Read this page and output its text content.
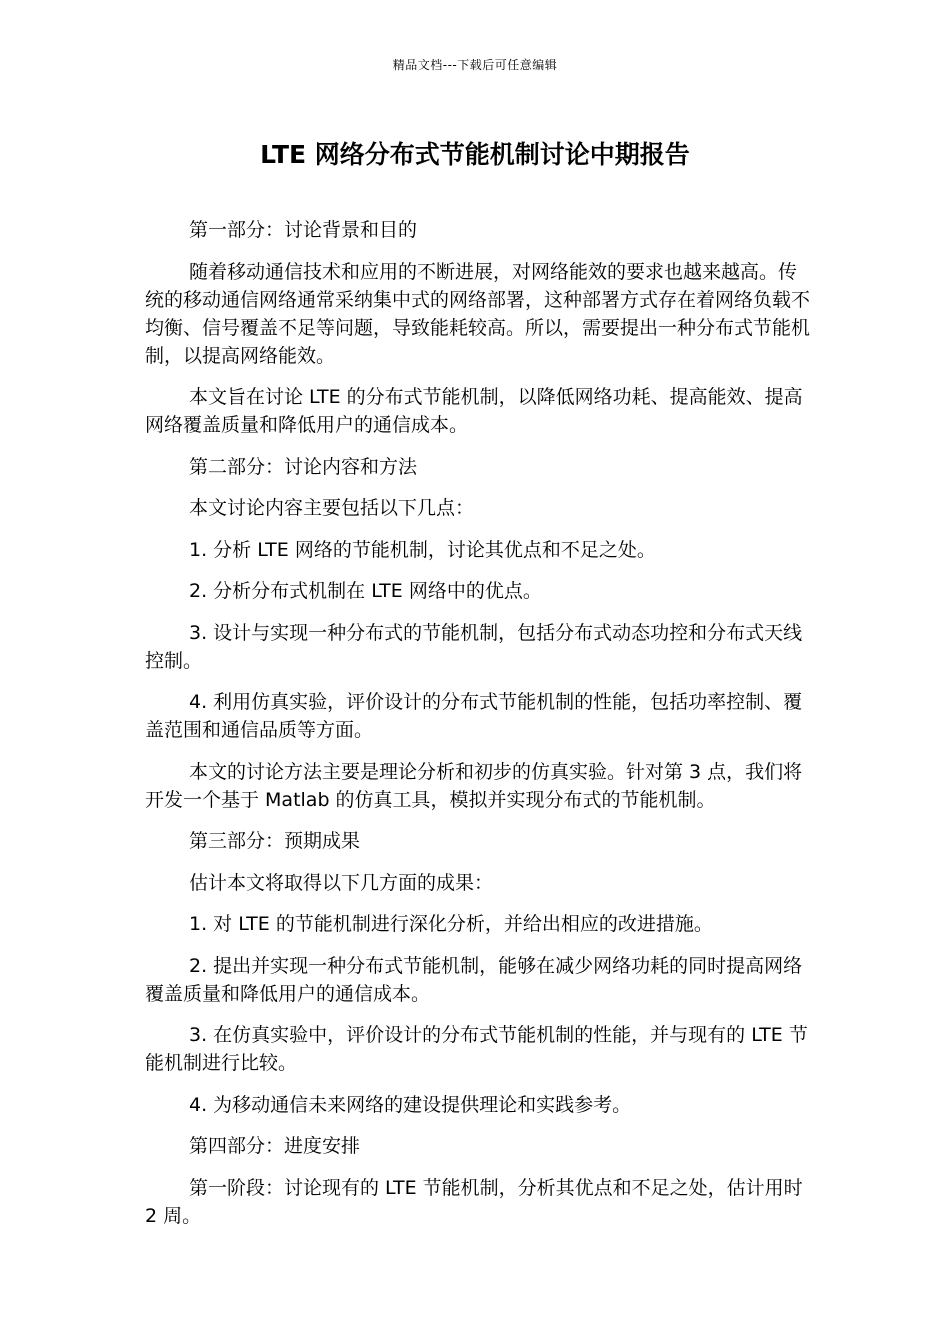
精品文档---下载后可任意编辑
LTE 网络分布式节能机制讨论中期报告

第一部分：讨论背景和目的

随着移动通信技术和应用的不断进展，对网络能效的要求也越来越高。传统的移动通信网络通常采纳集中式的网络部署，这种部署方式存在着网络负载不均衡、信号覆盖不足等问题，导致能耗较高。所以，需要提出一种分布式节能机制，以提高网络能效。

本文旨在讨论 LTE 的分布式节能机制，以降低网络功耗、提高能效、提高网络覆盖质量和降低用户的通信成本。

第二部分：讨论内容和方法

本文讨论内容主要包括以下几点：

1. 分析 LTE 网络的节能机制，讨论其优点和不足之处。

2. 分析分布式机制在 LTE 网络中的优点。

3. 设计与实现一种分布式的节能机制，包括分布式动态功控和分布式天线控制。

4. 利用仿真实验，评价设计的分布式节能机制的性能，包括功率控制、覆盖范围和通信品质等方面。

本文的讨论方法主要是理论分析和初步的仿真实验。针对第 3 点，我们将开发一个基于 Matlab 的仿真工具，模拟并实现分布式的节能机制。

第三部分：预期成果

估计本文将取得以下几方面的成果：

1. 对 LTE 的节能机制进行深化分析，并给出相应的改进措施。

2. 提出并实现一种分布式节能机制，能够在减少网络功耗的同时提高网络覆盖质量和降低用户的通信成本。

3. 在仿真实验中，评价设计的分布式节能机制的性能，并与现有的 LTE 节能机制进行比较。

4. 为移动通信未来网络的建设提供理论和实践参考。

第四部分：进度安排

第一阶段：讨论现有的 LTE 节能机制，分析其优点和不足之处，估计用时 2 周。
